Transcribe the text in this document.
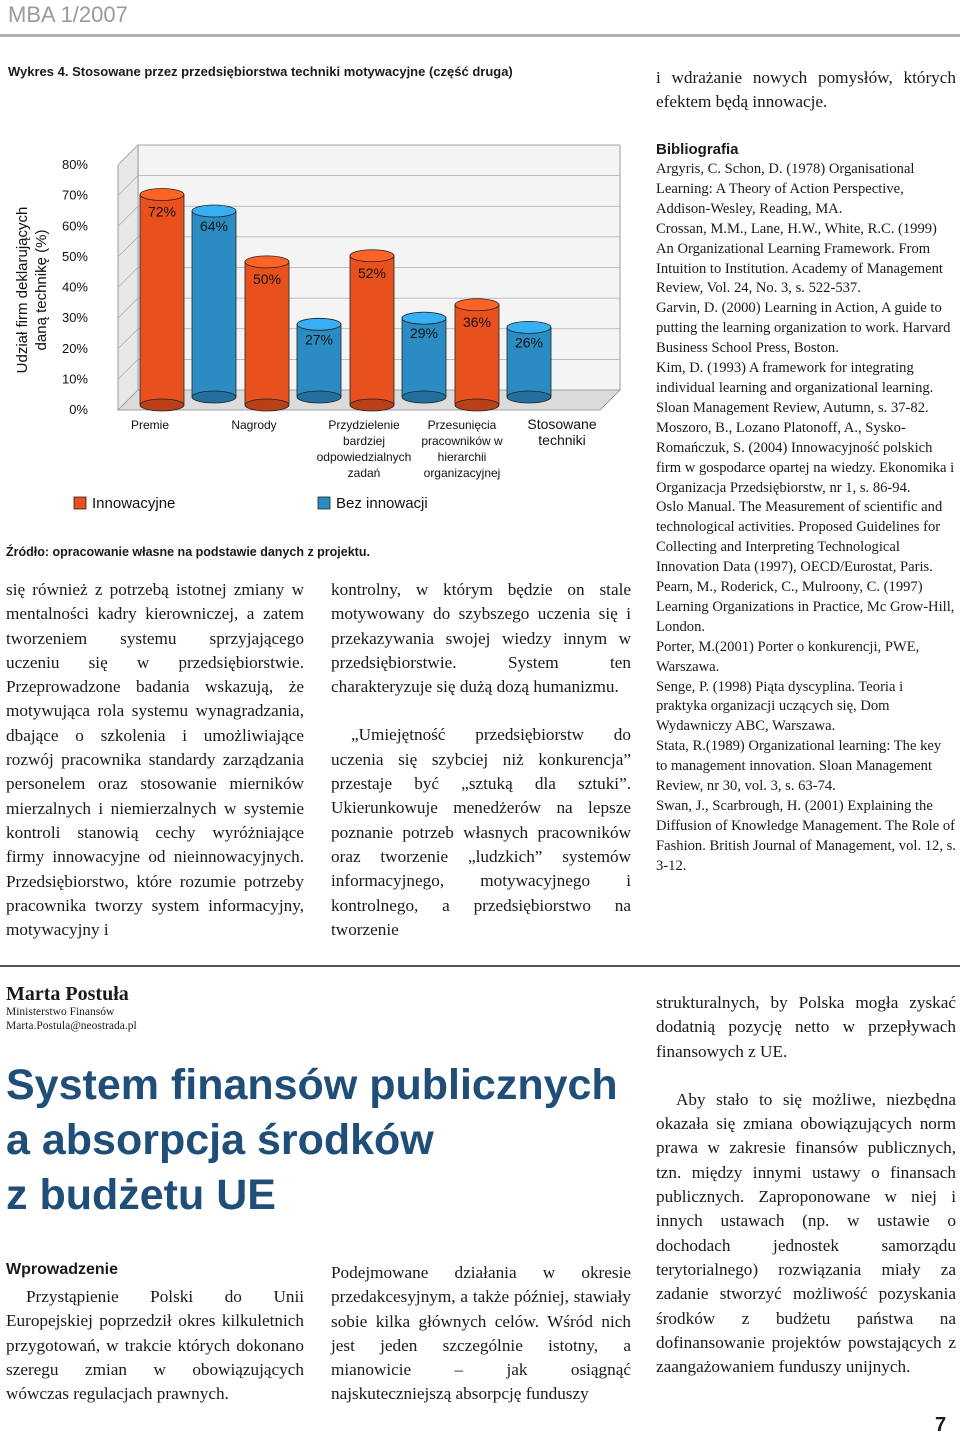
MBA 1/2007
Wykres 4. Stosowane przez przedsiębiorstwa techniki motywacyjne (część druga)	i wdrażanie nowych pomysłów, których efektem będą innowacje.

0%
10%
20%
30%
40%
50%
60%
70%
80%
Udział firm deklarujących daną technikę (%)
72%
50%	52%
36%
64%
27%	29%
26%
Premie	Nagrody	Przydzielenie
bardziej
odpowiedzialnych
zadań
Przesunięcia
pracowników w
hierarchii
organizacyjnej
Stosowane
techniki
Innowacyjne	Bez innowacji
Źródło: opracowanie własne na podstawie danych z projektu.

się również z potrzebą istotnej zmiany w mentalności kadry kierowniczej, a zatem tworzeniem systemu sprzyjającego uczeniu się w przedsiębiorstwie. Przeprowadzone badania wskazują, że motywująca rola systemu wynagradzania, dbające o szkolenia i umożliwiające rozwój pracownika standardy zarządzania personelem oraz stosowanie mierników mierzalnych i niemierzalnych w systemie kontroli stanowią cechy wyróżniające firmy innowacyjne od nieinnowacyjnych. Przedsiębiorstwo, które rozumie potrzeby pracownika tworzy system informacyjny, motywacyjny i

kontrolny, w którym będzie on stale motywowany do szybszego uczenia się i przekazywania swojej wiedzy innym w przedsiębiorstwie. System ten charakteryzuje się dużą dozą humanizmu.

„Umiejętność przedsiębiorstw do uczenia się szybciej niż konkurencja” przestaje być „sztuką dla sztuki”. Ukierunkowuje menedżerów na lepsze poznanie potrzeb własnych pracowników oraz tworzenie „ludzkich” systemów informacyjnego, motywacyjnego i kontrolnego, a przedsiębiorstwo na tworzenie

Bibliografia
Argyris, C. Schon, D. (1978) Organisational Learning: A Theory of Action Perspective, Addison-Wesley, Reading, MA.
Crossan, M.M., Lane, H.W., White, R.C. (1999) An Organizational Learning Framework. From Intuition to Institution. Academy of Management Review, Vol. 24, No. 3, s. 522-537.
Garvin, D. (2000) Learning in Action, A guide to putting the learning organization to work. Harvard Business School Press, Boston.
Kim, D. (1993) A framework for integrating individual learning and organizational learning. Sloan Management Review, Autumn, s. 37-82.
Moszoro, B., Lozano Platonoff, A., Sysko-Romańczuk, S. (2004) Innowacyjność polskich firm w gospodarce opartej na wiedzy. Ekonomika i Organizacja Przedsiębiorstw, nr 1, s. 86-94.
Oslo Manual. The Measurement of scientific and technological activities. Proposed Guidelines for Collecting and Interpreting Technological Innovation Data (1997), OECD/Eurostat, Paris.
Pearn, M., Roderick, C., Mulroony, C. (1997) Learning Organizations in Practice, Mc Grow-Hill, London.
Porter, M.(2001) Porter o konkurencji, PWE, Warszawa.
Senge, P. (1998) Piąta dyscyplina. Teoria i praktyka organizacji uczących się, Dom Wydawniczy ABC, Warszawa.
Stata, R.(1989) Organizational learning: The key to management innovation. Sloan Management Review, nr 30, vol. 3, s. 63-74.
Swan, J., Scarbrough, H. (2001) Explaining the Diffusion of Knowledge Management. The Role of Fashion. British Journal of Management, vol. 12, s. 3-12.
Marta Postuła
Ministerstwo Finansów
Marta.Postula@neostrada.pl
System finansów publicznych
a absorpcja środków
z budżetu UE
Wprowadzenie

Przystąpienie Polski do Unii Europejskiej poprzedził okres kilkuletnich przygotowań, w trakcie których dokonano szeregu zmian w obowiązujących wówczas regulacjach prawnych.

Podejmowane działania w okresie przedakcesyjnym, a także później, stawiały sobie kilka głównych celów. Wśród nich jest jeden szczególnie istotny, a mianowicie – jak osiągnąć najskuteczniejszą absorpcję funduszy

strukturalnych, by Polska mogła zyskać dodatnią pozycję netto w przepływach finansowych z UE.

Aby stało to się możliwe, niezbędna okazała się zmiana obowiązujących norm prawa w zakresie finansów publicznych, tzn. między innymi ustawy o finansach publicznych. Zaproponowane w niej i innych ustawach (np. w ustawie o dochodach jednostek samorządu terytorialnego) rozwiązania miały za zadanie stworzyć możliwość pozyskania środków z budżetu państwa na dofinansowanie projektów powstających z zaangażowaniem funduszy unijnych.

7
